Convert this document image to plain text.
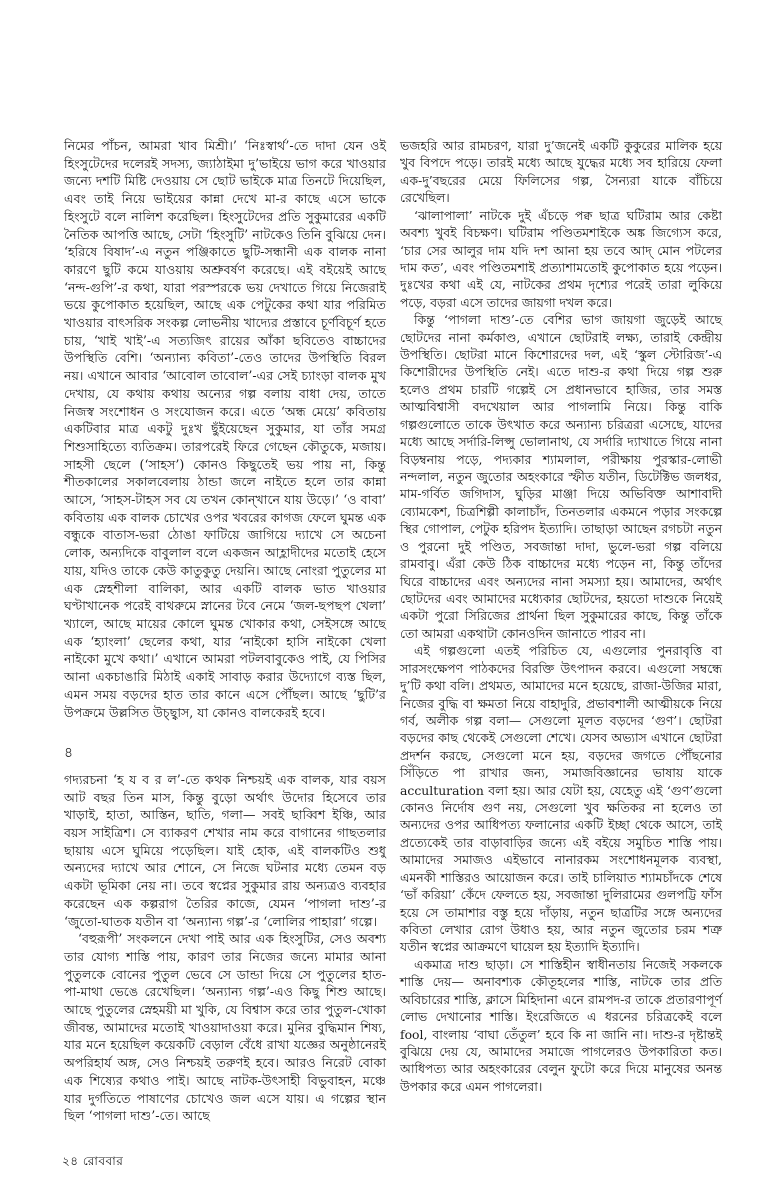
নিমের পাঁচন, আমরা খাব মিশ্রী।’ ‘নিঃস্বার্থ’-তে দাদা যেন ওই হিংসুটেদের দলেরই সদস্য, জ্যাঠাইমা দু’ভাইয়ে ভাগ করে খাওয়ার জন্যে দশটি মিষ্টি দেওয়ায় সে ছোট ভাইকে মাত্র তিনটে দিয়েছিল, এবং তাই নিয়ে ভাইয়ের কান্না দেখে মা-র কাছে এসে ভাকে হিংসুটে বলে নালিশ করেছিল। হিংসুটেদের প্রতি সুকুমারের একটি নৈতিক আপত্তি আছে, সেটা ‘হিংসুটি’ নাটকেও তিনি বুঝিয়ে দেন। ‘হরিষে বিষাদ’-এ নতুন পঞ্জিকাতে ছুটি-সন্ধানী এক বালক নানা কারণে ছুটি কমে যাওয়ায় অশ্রুবর্ষণ করেছে। এই বইয়েই আছে ‘নন্দ-গুপি’-র কথা, যারা পরস্পরকে ভয় দেখাতে গিয়ে নিজেরাই ভয়ে কুপোকাত হয়েছিল, আছে এক পেটুকের কথা যার পরিমিত খাওয়ার বাৎসরিক সংকল্প লোভনীয় খাদ্যের প্রস্তাবে চূর্ণবিচূর্ণ হতে চায়, ‘খাই খাই’-এ সত্যজিৎ রায়ের আঁকা ছবিতেও বাচ্চাদের উপস্থিতি বেশি। ‘অন্যান্য কবিতা’-তেও তাদের উপস্থিতি বিরল নয়। এখানে আবার ‘আবোল তাবোল’-এর সেই চ্যাংড়া বালক মুখ দেখায়, যে কথায় কথায় অন্যের গল্প বলায় বাধা দেয়, তাতে নিজস্ব সংশোধন ও সংযোজন করে। এতে ‘অন্ধ মেয়ে’ কবিতায় একটিবার মাত্র একটু দুঃখ ছুঁইয়েছেন সুকুমার, যা তাঁর সমগ্র শিশুসাহিত্যে ব্যতিক্রম। তারপরেই ফিরে গেছেন কৌতুকে, মজায়। সাহসী ছেলে (‘সাহস’) কোনও কিছুতেই ভয় পায় না, কিন্তু শীতকালের সকালবেলায় ঠান্ডা জলে নাইতে হলে তার কান্না আসে, ‘সাহস-টাহস সব যে তখন কোন্খানে যায় উড়ে।’ ‘ও বাবা’ কবিতায় এক বালক চোখের ওপর খবরের কাগজ ফেলে ঘুমন্ত এক বন্ধুকে বাতাস-ভরা ঠোঙা ফাটিয়ে জাগিয়ে দ্যাখে সে অচেনা লোক, অন্যদিকে বাবুলাল বলে একজন আহ্লাদীদের মতোই হেসে যায়, যদিও তাকে কেউ কাতুকুতু দেয়নি। আছে নোংরা পুতুলের মা এক স্নেহশীলা বালিকা, আর একটি বালক ভাত খাওয়ার ঘণ্টাখানেক পরেই বাথরুমে স্নানের টবে নেমে ‘জল-ছপছপ খেলা’ খ্যালে, আছে মায়ের কোলে ঘুমন্ত খোকার কথা, সেইসঙ্গে আছে এক ‘হ্যাংলা’ ছেলের কথা, যার ‘নাইকো হাসি নাইকো খেলা নাইকো মুখে কথা।’ এখানে আমরা পটলবাবুকেও পাই, যে পিসির আনা একচাঙারি মিঠাই একাই সাবাড় করার উদ্যোগে ব্যস্ত ছিল, এমন সময় বড়দের হাত তার কানে এসে পৌঁছল। আছে ‘ছুটি’র উপক্রমে উল্লসিত উচ্ছ্বাস, যা কোনও বালকেরই হবে।

৪

গদ্যরচনা ‘হ য ব র ল’-তে কথক নিশ্চয়ই এক বালক, যার বয়স আট বছর তিন মাস, কিন্তু বুড়ো অর্থাৎ উদোর হিসেবে তার খাড়াই, হাতা, আস্তিন, ছাতি, গলা— সবই ছাব্বিশ ইঞ্চি, আর বয়স সাইত্রিশ। সে ব্যাকরণ শেখার নাম করে বাগানের গাছতলার ছায়ায় এসে ঘুমিয়ে পড়েছিল। যাই হোক, এই বালকটিও শুধু অন্যদের দ্যাখে আর শোনে, সে নিজে ঘটনার মধ্যে তেমন বড় একটা ভূমিকা নেয় না। তবে স্বপ্নের সুকুমার রায় অন্যত্রও ব্যবহার করেছেন এক কল্পরাগ তৈরির কাজে, যেমন ‘পাগলা দাশু’-র ‘জুতো-ঘাতক যতীন বা ‘অন্যান্য গল্প’-র ‘লোলির পাহারা’ গল্পে।

‘বহুরূপী’ সংকলনে দেখা পাই আর এক হিংসুটির, সেও অবশ্য তার যোগ্য শাস্তি পায়, কারণ তার নিজের জন্যে মামার আনা পুতুলকে বোনের পুতুল ভেবে সে ডান্ডা দিয়ে সে পুতুলের হাত-পা-মাথা ভেঙে রেখেছিল। ‘অন্যান্য গল্প’-এও কিছু শিশু আছে। আছে পুতুলের স্নেহময়ী মা খুকি, যে বিশ্বাস করে তার পুতুল-খোকা জীবন্ত, আমাদের মতোই খাওয়াদাওয়া করে। মুনির বুদ্ধিমান শিষ্য, যার মনে হয়েছিল কয়েকটি বেড়াল বেঁধে রাখা যজ্ঞের অনুষ্ঠানেরই অপরিহার্য অঙ্গ, সেও নিশ্চয়ই তরুণই হবে। আরও নিরেট বোকা এক শিষ্যের কথাও পাই। আছে নাটক-উৎসাহী বিভুবাহন, মঞ্চে যার দুর্গতিতে পাষাণের চোখেও জল এসে যায়। এ গল্পের স্থান ছিল ‘পাগলা দাশু’-তে। আছে

ভজহরি আর রামচরণ, যারা দু’জনেই একটি কুকুরের মালিক হয়ে খুব বিপদে পড়ে। তারই মধ্যে আছে যুদ্ধের মধ্যে সব হারিয়ে ফেলা এক-দু’বছরের মেয়ে ফিলিসের গল্প, সৈন্যরা যাকে বাঁচিয়ে রেখেছিল।

‘ঝালাপালা’ নাটকে দুই এঁচড়ে পক্ব ছাত্র ঘটিরাম আর কেষ্টা অবশ্য খুবই বিচক্ষণ। ঘটিরাম পণ্ডিতমশাইকে অঙ্ক জিগ্যেস করে, ‘চার সের আলুর দাম যদি দশ আনা হয় তবে আদ্ মোন পটলের দাম কত’, এবং পণ্ডিতমশাই প্রত্যাশামতোই কুপোকাত হয়ে পড়েন। দুঃখের কথা এই যে, নাটকের প্রথম দৃশ্যের পরেই তারা লুকিয়ে পড়ে, বড়রা এসে তাদের জায়গা দখল করে।

কিন্তু ‘পাগলা দাশু’-তে বেশির ভাগ জায়গা জুড়েই আছে ছোটদের নানা কর্মকাণ্ড, এখানে ছোটরাই লক্ষ্য, তারাই কেন্দ্রীয় উপস্থিতি। ছোটরা মানে কিশোরদের দল, এই ‘স্কুল স্টোরিজ’-এ কিশোরীদের উপস্থিতি নেই। এতে দাশু-র কথা দিয়ে গল্প শুরু হলেও প্রথম চারটি গল্পেই সে প্রধানভাবে হাজির, তার সমস্ত আত্মবিশ্বাসী বদখেয়াল আর পাগলামি নিয়ে। কিন্তু বাকি গল্পগুলোতে তাকে উৎখাত করে অন্যান্য চরিত্ররা এসেছে, যাদের মধ্যে আছে সর্দারি-লিপ্সু ভোলানাথ, যে সর্দারি দ্যাখাতে গিয়ে নানা বিড়ম্বনায় পড়ে, পদ্যকার শ্যামলাল, পরীক্ষায় পুরস্কার-লোভী নন্দলাল, নতুন জুতোর অহংকারে স্ফীত যতীন, ডিটেক্টিভ জলধর, মাম-গর্বিত জগিদাস, ঘুড়ির মাঞ্জা দিয়ে অভিবিক্ত আশাবাদী ব্যোমকেশ, চিত্রশিল্পী কালাচাঁদ, তিনতলার একমনে পড়ার সংকল্পে স্থির গোপাল, পেটুক হরিপদ ইত্যাদি। তাছাড়া আছেন রগচটা নতুন ও পুরনো দুই পণ্ডিত, সবজান্তা দাদা, ভুলে-ভরা গল্প বলিয়ে রামবাবু। এঁরা কেউ ঠিক বাচ্চাদের মধ্যে পড়েন না, কিন্তু তাঁদের ঘিরে বাচ্চাদের এবং অন্যদের নানা সমস্যা হয়। আমাদের, অর্থাৎ ছোটদের এবং আমাদের মধ্যেকার ছোটদের, হয়তো দাশুকে নিয়েই একটা পুরো সিরিজের প্রার্থনা ছিল সুকুমারের কাছে, কিন্তু তাঁকে তো আমরা একথাটা কোনওদিন জানাতে পারব না।

এই গল্পগুলো এতই পরিচিত যে, এগুলোর পুনরাবৃত্তি বা সারসংক্ষেপণ পাঠকদের বিরক্তি উৎপাদন করবে। এগুলো সম্বন্ধে দু’টি কথা বলি। প্রথমত, আমাদের মনে হয়েছে, রাজা-উজির মারা, নিজের বুদ্ধি বা ক্ষমতা নিয়ে বাহাদুরি, প্রভাবশালী আত্মীয়কে নিয়ে গর্ব, অলীক গল্প বলা— সেগুলো মূলত বড়দের ‘গুণ’। ছোটরা বড়দের কাছ থেকেই সেগুলো শেখে। যেসব অভ্যাস এখানে ছোটরা প্রদর্শন করছে, সেগুলো মনে হয়, বড়দের জগতে পৌঁছনোর সিঁড়িতে পা রাখার জন্য, সমাজবিজ্ঞানের ভাষায় যাকে acculturation বলা হয়। আর যেটা হয়, যেহেতু এই ‘গুণ’গুলো কোনও নির্দোষ গুণ নয়, সেগুলো খুব ক্ষতিকর না হলেও তা অন্যদের ওপর আধিপত্য ফলানোর একটি ইচ্ছা থেকে আসে, তাই প্রত্যেকেই তার বাড়াবাড়ির জন্যে এই বইয়ে সমুচিত শাস্তি পায়। আমাদের সমাজও এইভাবে নানারকম সংশোধনমূলক ব্যবস্থা, এমনকী শাস্তিরও আয়োজন করে। তাই চালিয়াত শ্যামচাঁদকে শেষে ‘ভাঁ করিয়া’ কেঁদে ফেলতে হয়, সবজান্তা দুলিরামের গুলপট্টি ফাঁস হয়ে সে তামাশার বস্তু হয়ে দাঁড়ায়, নতুন ছাত্রটির সঙ্গে অন্যদের কবিতা লেখার রোগ উধাও হয়, আর নতুন জুতোর চরম শত্রু যতীন স্বপ্নের আক্রমণে ঘায়েল হয় ইত্যাদি ইত্যাদি।

একমাত্র দাশু ছাড়া। সে শাস্তিহীন স্বাধীনতায় নিজেই সকলকে শাস্তি দেয়— অনাবশ্যক কৌতূহলের শাস্তি, নাটকে তার প্রতি অবিচারের শাস্তি, ক্লাসে মিহিদানা এনে রামপদ-র তাকে প্রতারণাপূর্ণ লোভ দেখানোর শাস্তি। ইংরেজিতে এ ধরনের চরিত্রকেই বলে fool, বাংলায় ‘বাঘা তেঁতুল’ হবে কি না জানি না। দাশু-র দৃষ্টান্তই বুঝিয়ে দেয় যে, আমাদের সমাজে পাগলেরও উপকারিতা কত। আধিপত্য আর অহংকারের বেলুন ফুটো করে দিয়ে মানুষের অনন্ত উপকার করে এমন পাগলেরা।

২৪ রোববার
